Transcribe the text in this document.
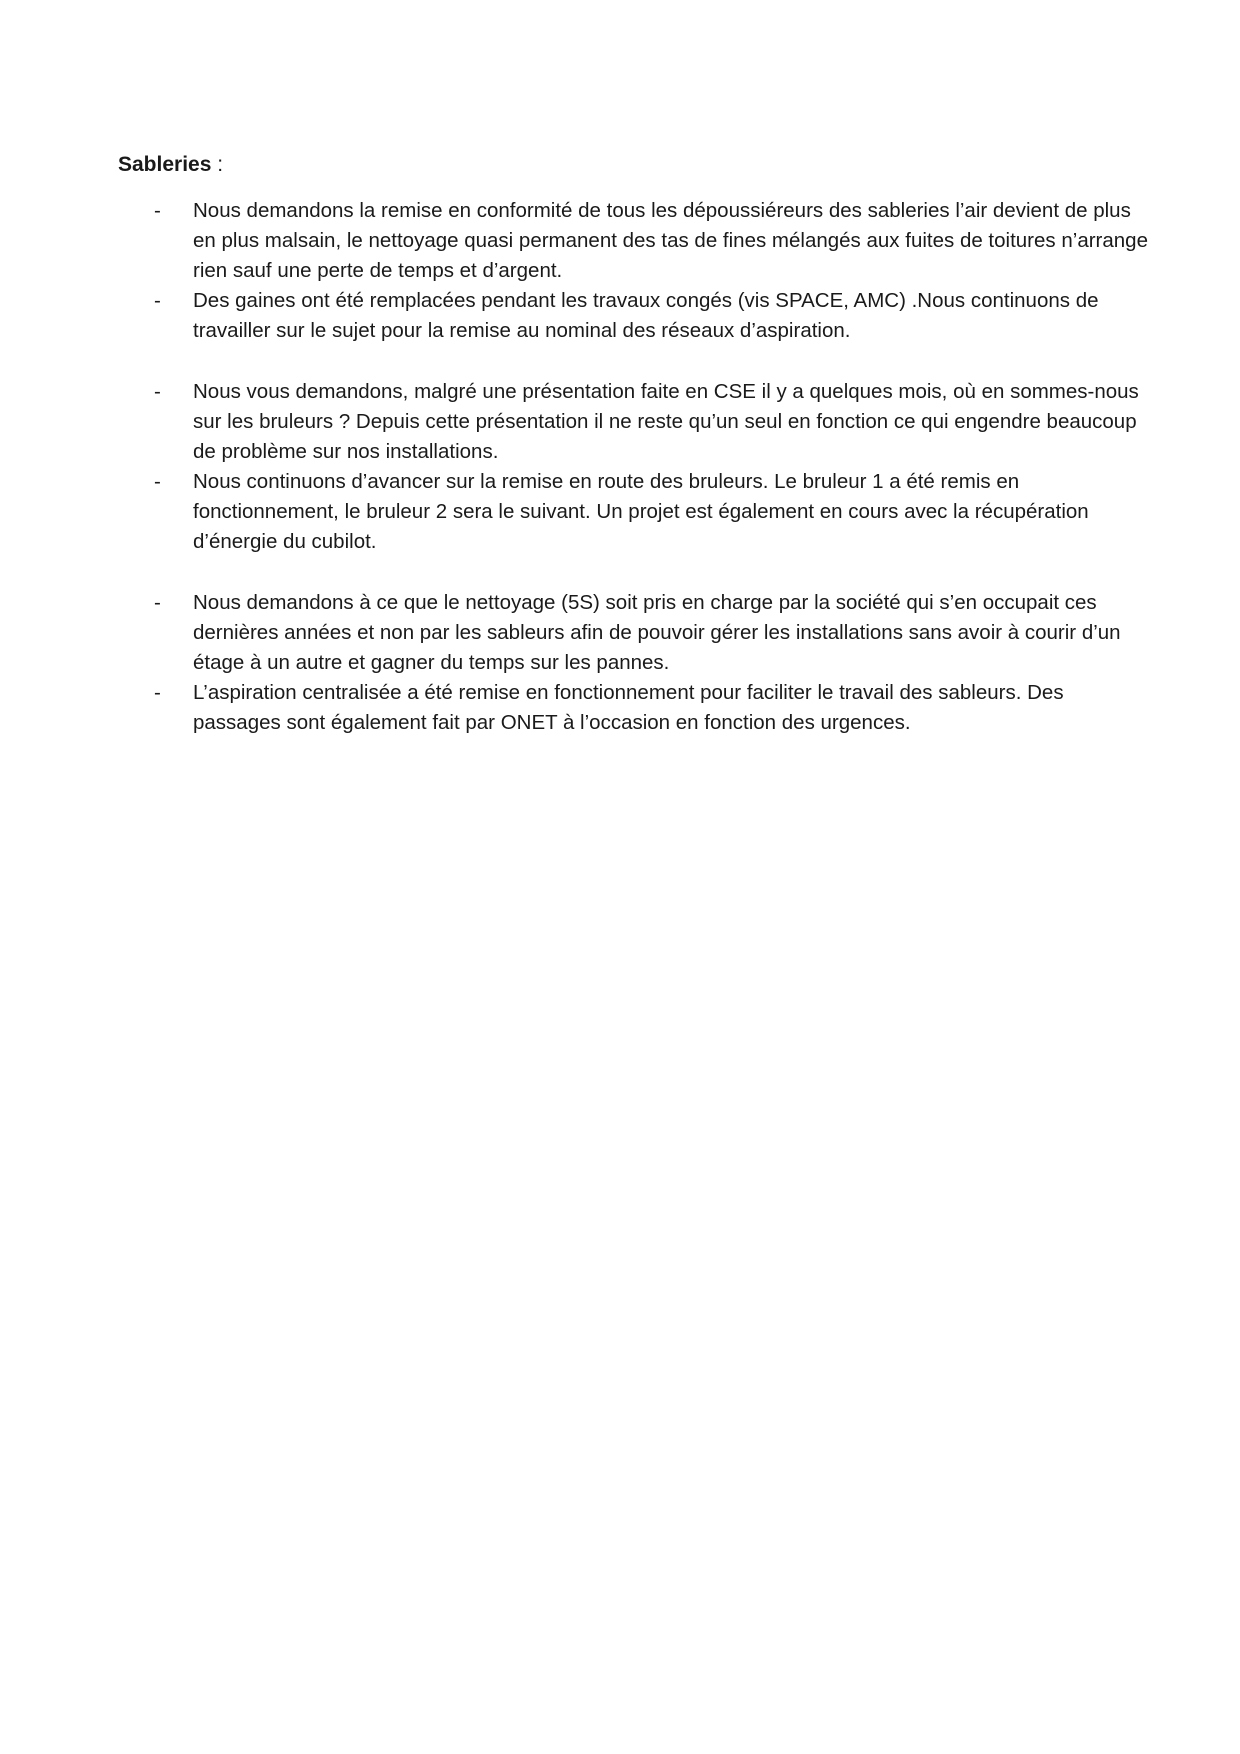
Sableries :

- Nous demandons la remise en conformité de tous les dépoussiéreurs des sableries l’air devient de plus en plus malsain, le nettoyage quasi permanent des tas de fines mélangés aux fuites de toitures n’arrange rien sauf une perte de temps et d’argent.

- Des gaines ont été remplacées pendant les travaux congés (vis SPACE, AMC) .Nous continuons de travailler sur le sujet pour la remise au nominal des réseaux d’aspiration.

- Nous vous demandons, malgré une présentation faite en CSE il y a quelques mois, où en sommes-nous sur les bruleurs ? Depuis cette présentation il ne reste qu’un seul en fonction ce qui engendre beaucoup de problème sur nos installations.

- Nous continuons d’avancer sur la remise en route des bruleurs. Le bruleur 1 a été remis en fonctionnement, le bruleur 2 sera le suivant. Un projet est également en cours avec la récupération d’énergie du cubilot.

- Nous demandons à ce que le nettoyage (5S) soit pris en charge par la société qui s’en occupait ces dernières années et non par les sableurs afin de pouvoir gérer les installations sans avoir à courir d’un étage à un autre et gagner du temps sur les pannes.

- L’aspiration centralisée a été remise en fonctionnement pour faciliter le travail des sableurs. Des passages sont également fait par ONET à l’occasion en fonction des urgences.
